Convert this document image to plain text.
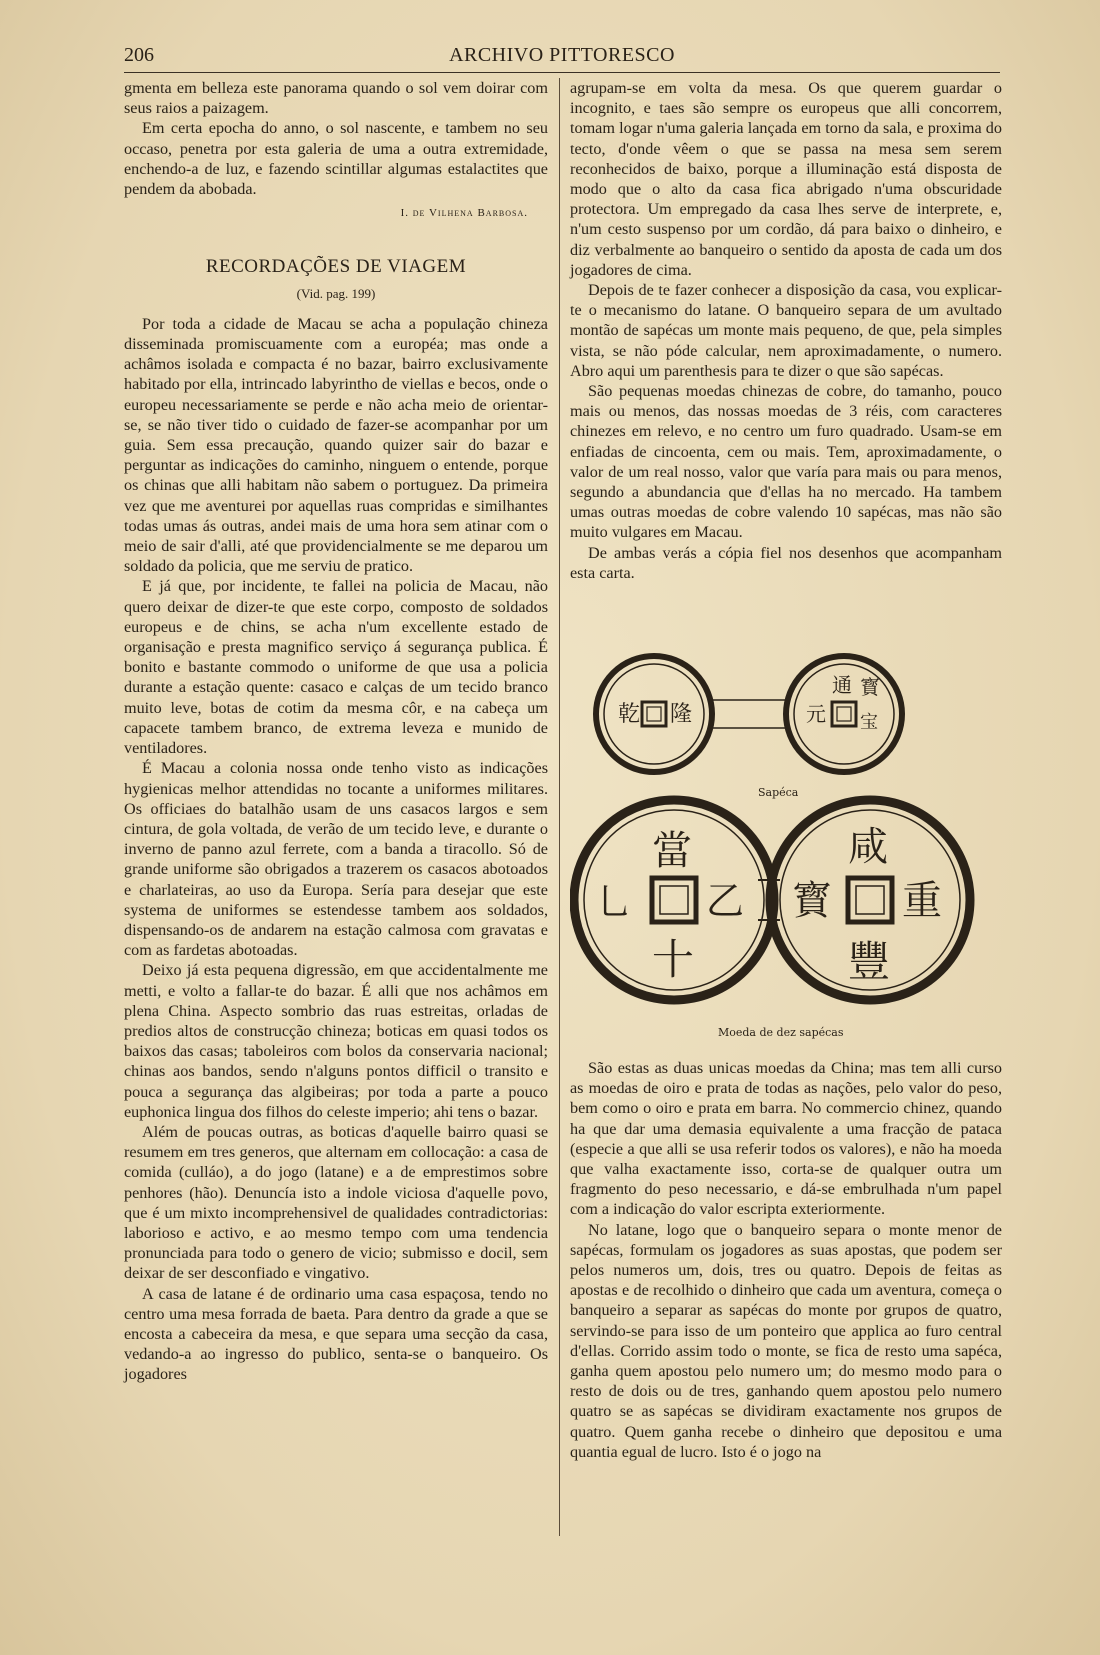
206	ARCHIVO PITTORESCO

gmenta em belleza este panorama quando o sol vem doirar com seus raios a paizagem.

Em certa epocha do anno, o sol nascente, e tambem no seu occaso, penetra por esta galeria de uma a outra extremidade, enchendo-a de luz, e fazendo scintillar algumas estalactites que pendem da abobada.

I. de Vilhena Barbosa.
RECORDAÇÕES DE VIAGEM
(Vid. pag. 199)

Por toda a cidade de Macau se acha a população chineza disseminada promiscuamente com a européa; mas onde a achâmos isolada e compacta é no bazar, bairro exclusivamente habitado por ella, intrincado labyrintho de viellas e becos, onde o europeu necessariamente se perde e não acha meio de orientar-se, se não tiver tido o cuidado de fazer-se acompanhar por um guia. Sem essa precaução, quando quizer sair do bazar e perguntar as indicações do caminho, ninguem o entende, porque os chinas que alli habitam não sabem o portuguez. Da primeira vez que me aventurei por aquellas ruas compridas e similhantes todas umas ás outras, andei mais de uma hora sem atinar com o meio de sair d'alli, até que providencialmente se me deparou um soldado da policia, que me serviu de pratico.

E já que, por incidente, te fallei na policia de Macau, não quero deixar de dizer-te que este corpo, composto de soldados europeus e de chins, se acha n'um excellente estado de organisação e presta magnifico serviço á segurança publica. É bonito e bastante commodo o uniforme de que usa a policia durante a estação quente: casaco e calças de um tecido branco muito leve, botas de cotim da mesma côr, e na cabeça um capacete tambem branco, de extrema leveza e munido de ventiladores.

É Macau a colonia nossa onde tenho visto as indicações hygienicas melhor attendidas no tocante a uniformes militares. Os officiaes do batalhão usam de uns casacos largos e sem cintura, de gola voltada, de verão de um tecido leve, e durante o inverno de panno azul ferrete, com a banda a tiracollo. Só de grande uniforme são obrigados a trazerem os casacos abotoados e charlateiras, ao uso da Europa. Sería para desejar que este systema de uniformes se estendesse tambem aos soldados, dispensando-os de andarem na estação calmosa com gravatas e com as fardetas abotoadas.

Deixo já esta pequena digressão, em que accidentalmente me metti, e volto a fallar-te do bazar. É alli que nos achâmos em plena China. Aspecto sombrio das ruas estreitas, orladas de predios altos de construcção chineza; boticas em quasi todos os baixos das casas; taboleiros com bolos da conservaria nacional; chinas aos bandos, sendo n'alguns pontos difficil o transito e pouca a segurança das algibeiras; por toda a parte a pouco euphonica lingua dos filhos do celeste imperio; ahi tens o bazar.

Além de poucas outras, as boticas d'aquelle bairro quasi se resumem em tres generos, que alternam em collocação: a casa de comida (culláo), a do jogo (latane) e a de emprestimos sobre penhores (hão). Denuncía isto a indole viciosa d'aquelle povo, que é um mixto incomprehensivel de qualidades contradictorias: laborioso e activo, e ao mesmo tempo com uma tendencia pronunciada para todo o genero de vicio; submisso e docil, sem deixar de ser desconfiado e vingativo.

A casa de latane é de ordinario uma casa espaçosa, tendo no centro uma mesa forrada de baeta. Para dentro da grade a que se encosta a cabeceira da mesa, e que separa uma secção da casa, vedando-a ao ingresso do publico, senta-se o banqueiro. Os jogadores

agrupam-se em volta da mesa. Os que querem guardar o incognito, e taes são sempre os europeus que alli concorrem, tomam logar n'uma galeria lançada em torno da sala, e proxima do tecto, d'onde vêem o que se passa na mesa sem serem reconhecidos de baixo, porque a illuminação está disposta de modo que o alto da casa fica abrigado n'uma obscuridade protectora. Um empregado da casa lhes serve de interprete, e, n'um cesto suspenso por um cordão, dá para baixo o dinheiro, e diz verbalmente ao banqueiro o sentido da aposta de cada um dos jogadores de cima.

Depois de te fazer conhecer a disposição da casa, vou explicar-te o mecanismo do latane. O banqueiro separa de um avultado montão de sapécas um monte mais pequeno, de que, pela simples vista, se não póde calcular, nem aproximadamente, o numero. Abro aqui um parenthesis para te dizer o que são sapécas.

São pequenas moedas chinezas de cobre, do tamanho, pouco mais ou menos, das nossas moedas de 3 réis, com caracteres chinezes em relevo, e no centro um furo quadrado. Usam-se em enfiadas de cincoenta, cem ou mais. Tem, aproximadamente, o valor de um real nosso, valor que varía para mais ou para menos, segundo a abundancia que d'ellas ha no mercado. Ha tambem umas outras moedas de cobre valendo 10 sapécas, mas não são muito vulgares em Macau.

De ambas verás a cópia fiel nos desenhos que acompanham esta carta.

乾 隆
通 寳
元 宝
Sapéca
當
十
乙
乚
咸
豐
重
寳
Moeda de dez sapécas

São estas as duas unicas moedas da China; mas tem alli curso as moedas de oiro e prata de todas as nações, pelo valor do peso, bem como o oiro e prata em barra. No commercio chinez, quando ha que dar uma demasia equivalente a uma fracção de pataca (especie a que alli se usa referir todos os valores), e não ha moeda que valha exactamente isso, corta-se de qualquer outra um fragmento do peso necessario, e dá-se embrulhada n'um papel com a indicação do valor escripta exteriormente.

No latane, logo que o banqueiro separa o monte menor de sapécas, formulam os jogadores as suas apostas, que podem ser pelos numeros um, dois, tres ou quatro. Depois de feitas as apostas e de recolhido o dinheiro que cada um aventura, começa o banqueiro a separar as sapécas do monte por grupos de quatro, servindo-se para isso de um ponteiro que applica ao furo central d'ellas. Corrido assim todo o monte, se fica de resto uma sapéca, ganha quem apostou pelo numero um; do mesmo modo para o resto de dois ou de tres, ganhando quem apostou pelo numero quatro se as sapécas se dividiram exactamente nos grupos de quatro. Quem ganha recebe o dinheiro que depositou e uma quantia egual de lucro. Isto é o jogo na
